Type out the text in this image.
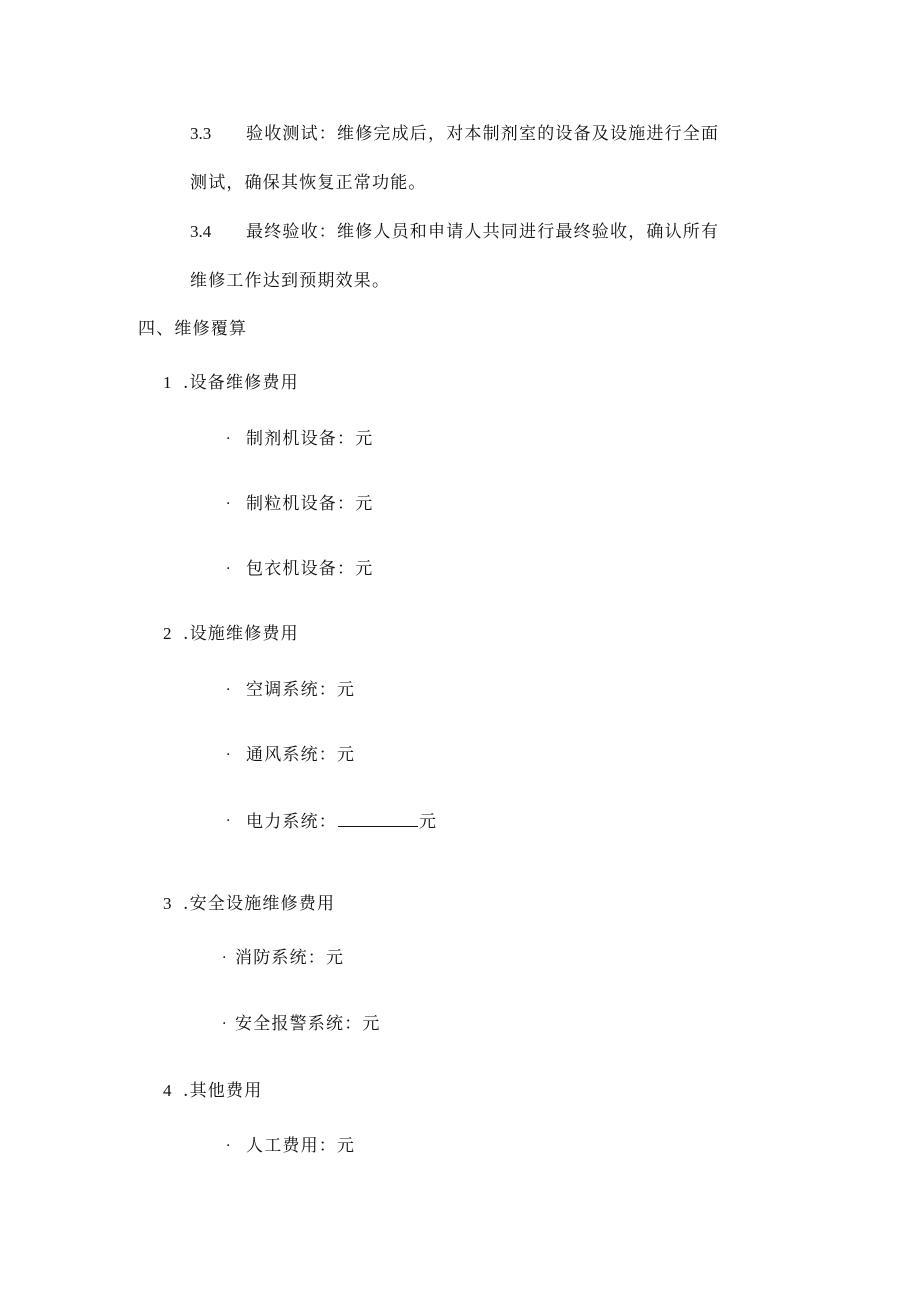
3.3 验收测试：维修完成后，对本制剂室的设备及设施进行全面
测试，确保其恢复正常功能。
3.4 最终验收：维修人员和申请人共同进行最终验收，确认所有
维修工作达到预期效果。
四、维修覆算
1 .设备维修费用
· 制剂机设备：元
· 制粒机设备：元
· 包衣机设备：元
2 .设施维修费用
· 空调系统：元
· 通风系统：元
· 电力系统：	元
3 .安全设施维修费用
· 消防系统：元
· 安全报警系统：元
4 .其他费用
· 人工费用：元
